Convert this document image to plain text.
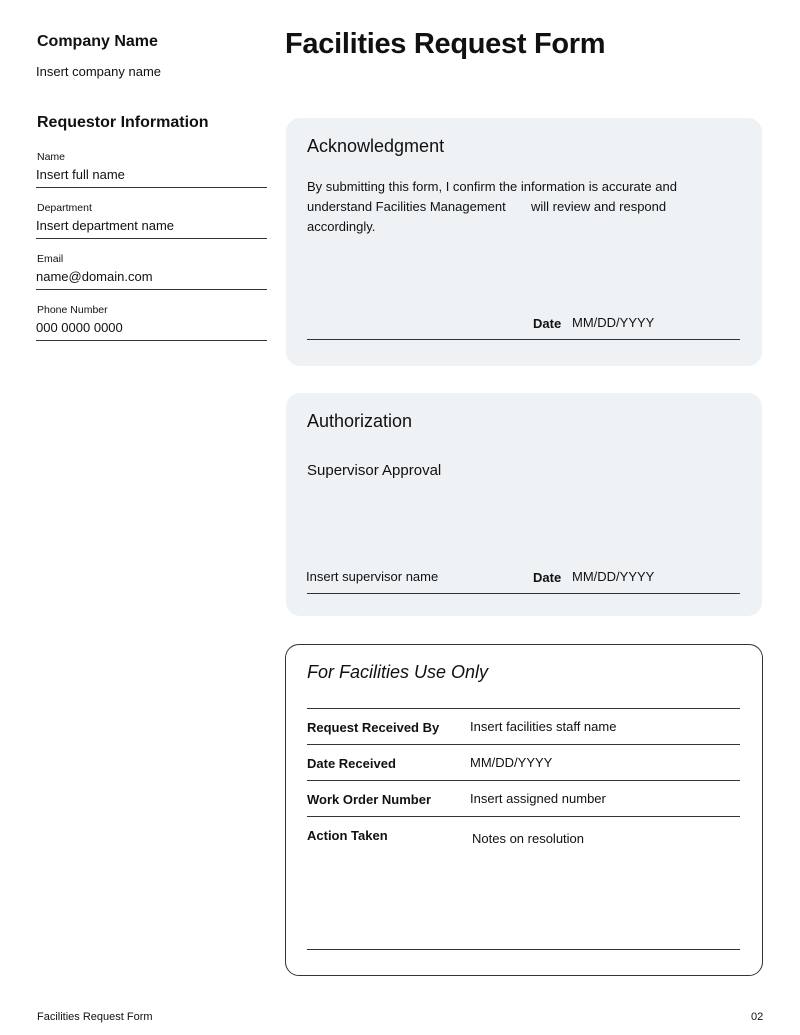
Company Name
Insert company name
Requestor Information
Name
Insert full name
Department
Insert department name
Email
name@domain.com
Phone Number
000 0000 0000
Facilities Request Form
Acknowledgment
By submitting this form, I confirm the information is accurate and understand Facilities Management       will review and respond accordingly.
Date MM/DD/YYYY
Authorization
Supervisor Approval
Insert supervisor name	Date MM/DD/YYYY
For Facilities Use Only
Request Received By Insert facilities staff name
Date Received	MM/DD/YYYY
Work Order Number	Insert assigned number
Action Taken	Notes on resolution
Facilities Request Form	02
